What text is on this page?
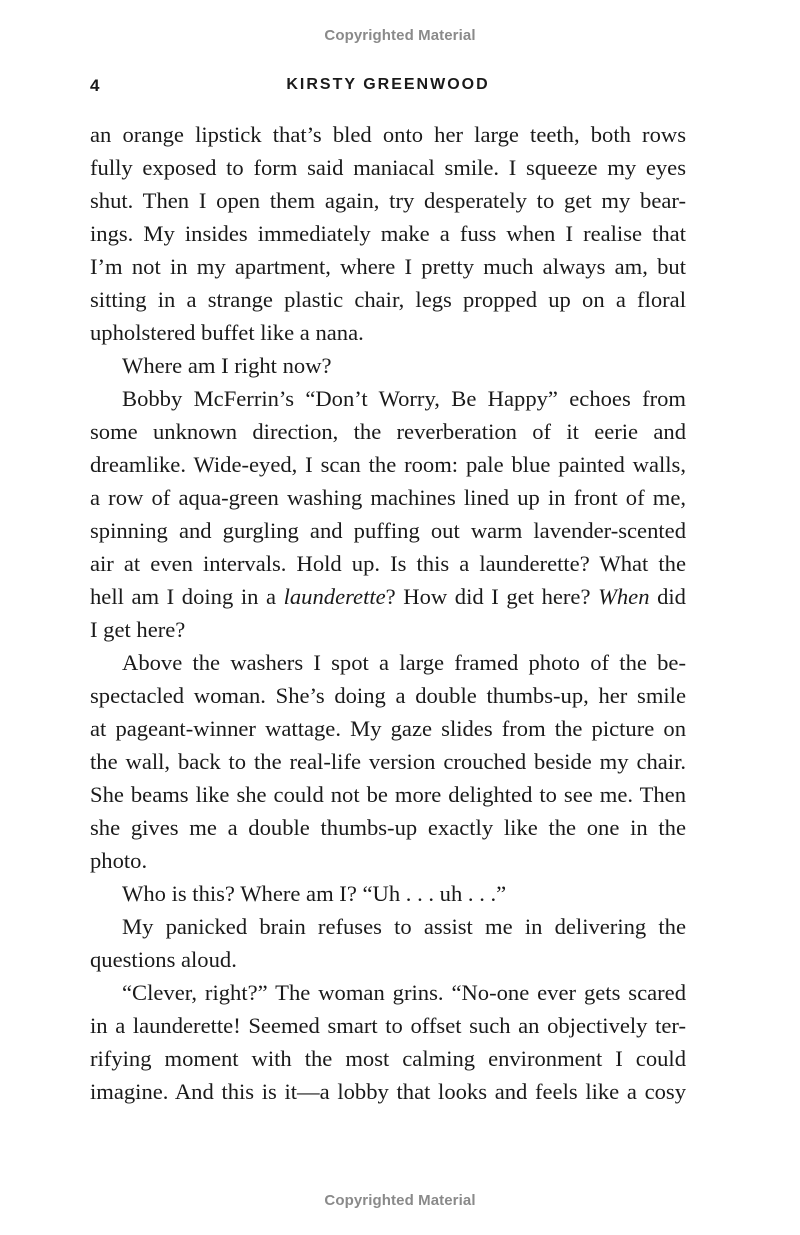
Copyrighted Material
4	KIRSTY GREENWOOD
an orange lipstick that’s bled onto her large teeth, both rows
fully exposed to form said maniacal smile. I squeeze my eyes
shut. Then I open them again, try desperately to get my bear-
ings. My insides immediately make a fuss when I realise that
I’m not in my apartment, where I pretty much always am, but
sitting in a strange plastic chair, legs propped up on a floral
upholstered buffet like a nana.
Where am I right now?
Bobby McFerrin’s “Don’t Worry, Be Happy” echoes from
some unknown direction, the reverberation of it eerie and
dreamlike. Wide-eyed, I scan the room: pale blue painted walls,
a row of aqua-green washing machines lined up in front of me,
spinning and gurgling and puffing out warm lavender-scented
air at even intervals. Hold up. Is this a launderette? What the
hell am I doing in a launderette? How did I get here? When did
I get here?
Above the washers I spot a large framed photo of the be-
spectacled woman. She’s doing a double thumbs-up, her smile
at pageant-winner wattage. My gaze slides from the picture on
the wall, back to the real-life version crouched beside my chair.
She beams like she could not be more delighted to see me. Then
she gives me a double thumbs-up exactly like the one in the
photo.
Who is this? Where am I? “Uh . . . uh . . .”
My panicked brain refuses to assist me in delivering the
questions aloud.
“Clever, right?” The woman grins. “No-one ever gets scared
in a launderette! Seemed smart to offset such an objectively ter-
rifying moment with the most calming environment I could
imagine. And this is it—a lobby that looks and feels like a cosy
Copyrighted Material
